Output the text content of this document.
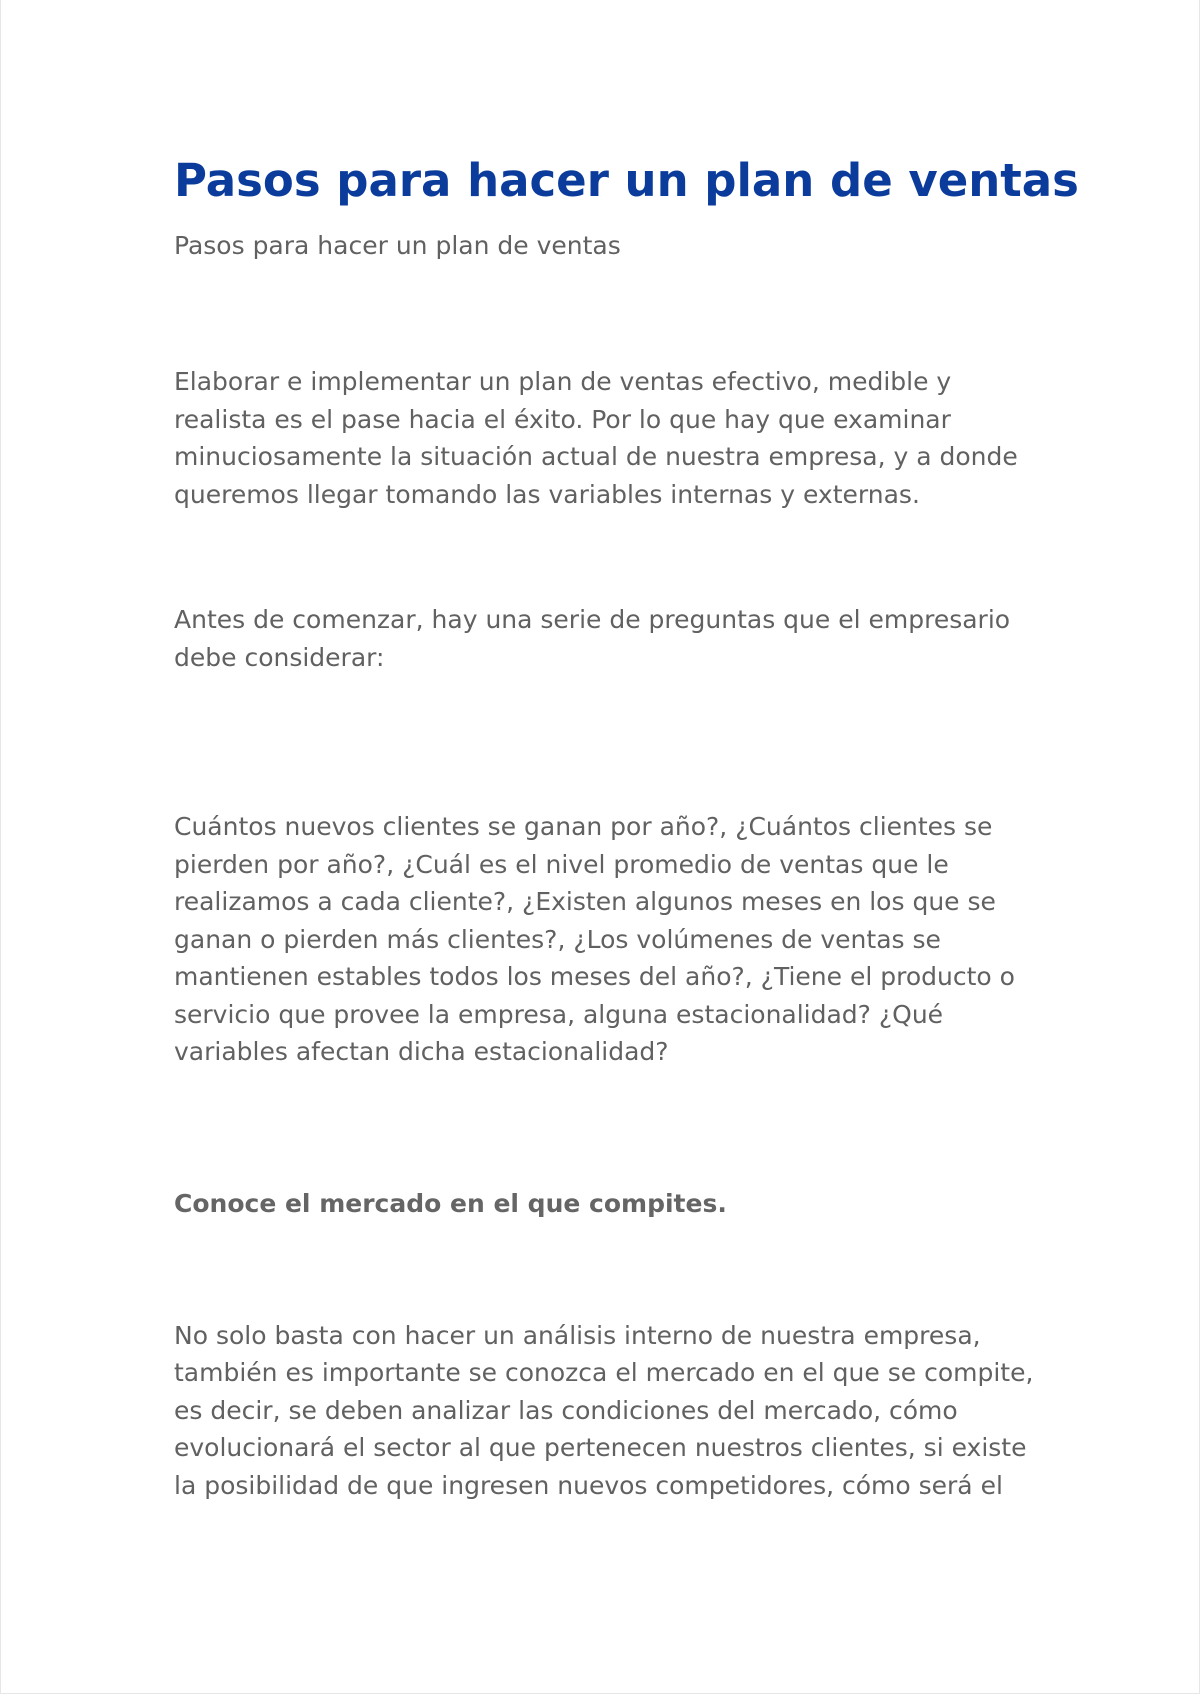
Pasos para hacer un plan de ventas

Pasos para hacer un plan de ventas

Elaborar e implementar un plan de ventas efectivo, medible y realista es el pase hacia el éxito. Por lo que hay que examinar minuciosamente la situación actual de nuestra empresa, y a donde queremos llegar tomando las variables internas y externas.

Antes de comenzar, hay una serie de preguntas que el empresario debe considerar:

Cuántos nuevos clientes se ganan por año?, ¿Cuántos clientes se pierden por año?, ¿Cuál es el nivel promedio de ventas que le realizamos a cada cliente?, ¿Existen algunos meses en los que se ganan o pierden más clientes?, ¿Los volúmenes de ventas se mantienen estables todos los meses del año?, ¿Tiene el producto o servicio que provee la empresa, alguna estacionalidad? ¿Qué variables afectan dicha estacionalidad?

Conoce el mercado en el que compites.

No solo basta con hacer un análisis interno de nuestra empresa, también es importante se conozca el mercado en el que se compite, es decir, se deben analizar las condiciones del mercado, cómo evolucionará el sector al que pertenecen nuestros clientes, si existe la posibilidad de que ingresen nuevos competidores, cómo será el
